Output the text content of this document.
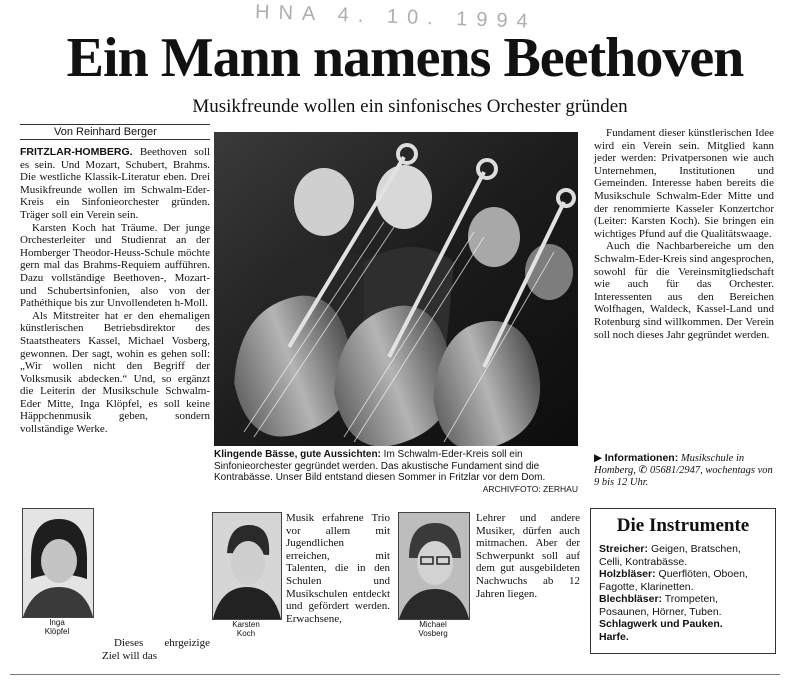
HNA 4. 10. 1994
Ein Mann namens Beethoven
Musikfreunde wollen ein sinfonisches Orchester gründen
Von Reinhard Berger

FRITZLAR-HOMBERG. Beethoven soll es sein. Und Mozart, Schubert, Brahms. Die westliche Klassik-Literatur eben. Drei Musikfreunde wollen im Schwalm-Eder-Kreis ein Sinfonieorchester gründen. Träger soll ein Verein sein.

Karsten Koch hat Träume. Der junge Orchesterleiter und Studienrat an der Homberger Theodor-Heuss-Schule möchte gern mal das Brahms-Requiem aufführen. Dazu vollständige Beethoven-, Mozart- und Schubertsinfonien, also von der Pathéthique bis zur Unvollendeten h-Moll.

Als Mitstreiter hat er den ehemaligen künstlerischen Betriebsdirektor des Staatstheaters Kassel, Michael Vosberg, gewonnen. Der sagt, wohin es gehen soll: „Wir wollen nicht den Begriff der Volksmusik abdecken.“ Und, so ergänzt die Leiterin der Musikschule Schwalm-Eder Mitte, Inga Klöpfel, es soll keine Häppchenmusik geben, sondern vollständige Werke.

Dieses ehrgeizige Ziel will das

Klingende Bässe, gute Aussichten: Im Schwalm-Eder-Kreis soll ein Sinfonieorchester gegründet werden. Das akustische Fundament sind die Kontrabässe. Unser Bild entstand diesen Sommer in Fritzlar vor dem Dom.
ARCHIVFOTO: ZERHAU
Inga
Klöpfel
Karsten
Koch
Michael
Vosberg

Musik erfahrene Trio vor allem mit Jugendlichen erreichen, mit Talenten, die in den Schulen und Musikschulen entdeckt und gefördert werden. Erwachsene,

Lehrer und andere Musiker, dürfen auch mitmachen. Aber der Schwerpunkt soll auf dem gut ausgebildeten Nachwuchs ab 12 Jahren liegen.

Fundament dieser künstlerischen Idee wird ein Verein sein. Mitglied kann jeder werden: Privatpersonen wie auch Unternehmen, Institutionen und Gemeinden. Interesse haben bereits die Musikschule Schwalm-Eder Mitte und der renommierte Kasseler Konzertchor (Leiter: Karsten Koch). Sie bringen ein wichtiges Pfund auf die Qualitätswaage.

Auch die Nachbarbereiche um den Schwalm-Eder-Kreis sind angesprochen, sowohl für die Vereinsmitgliedschaft wie auch für das Orchester. Interessenten aus den Bereichen Wolfhagen, Waldeck, Kassel-Land und Rotenburg sind willkommen. Der Verein soll noch dieses Jahr gegründet werden.

▶ Informationen: Musikschule in Homberg, ✆ 05681/2947, wochentags von 9 bis 12 Uhr.
Die Instrumente
Streicher: Geigen, Bratschen, Celli, Kontrabässe.
Holzbläser: Querflöten, Oboen, Fagotte, Klarinetten.
Blechbläser: Trompeten, Posaunen, Hörner, Tuben.
Schlagwerk und Pauken.
Harfe.
